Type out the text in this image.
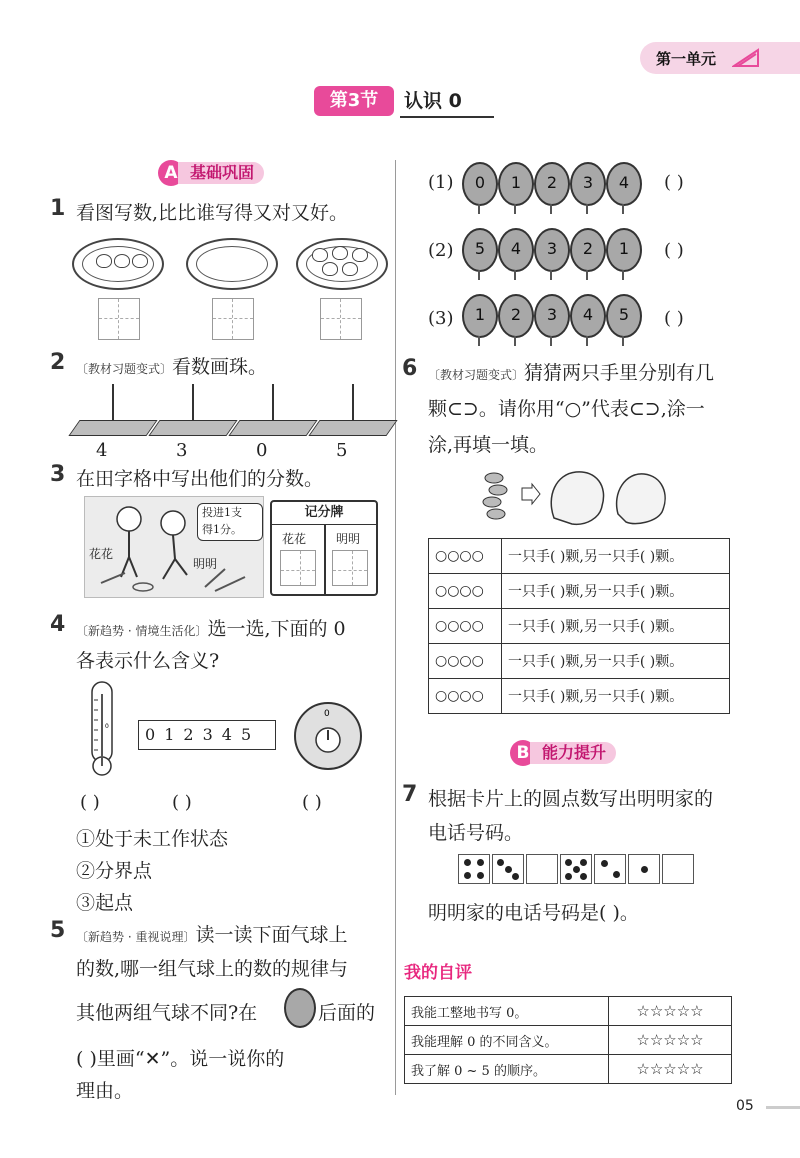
第一单元
第3节	认识 0
A 基础巩固
1 看图写数,比比谁写得又对又好。
2 〔教材习题变式〕看数画珠。
4	3	0	5
3 在田字格中写出他们的分数。
花花
明明
投进1支
得1分。
记分牌
花花 明明
4 〔新趋势 · 情境生活化〕选一选,下面的 0
各表示什么含义?
0 012345
0
( )	( )	( )
①处于未工作状态
②分界点
③起点
5 〔新趋势 · 重视说理〕读一读下面气球上
的数,哪一组气球上的数的规律与
其他两组气球不同?在	后面的
( )里画“✕”。说一说你的
理由。
(1)	0	1	2	3	4	( )
(2)	5	4	3	2	1	( )
(3)	1	2	3	4	5	( )
6 〔教材习题变式〕猜猜两只手里分别有几
颗⊂⊃。请你用“○”代表⊂⊃,涂一
涂,再填一填。
○○○○	一只手( )颗,另一只手( )颗。
○○○○	一只手( )颗,另一只手( )颗。
○○○○	一只手( )颗,另一只手( )颗。
○○○○	一只手( )颗,另一只手( )颗。
○○○○	一只手( )颗,另一只手( )颗。
B 能力提升
7 根据卡片上的圆点数写出明明家的
电话号码。
明明家的电话号码是( )。
我的自评
我能工整地书写 0。	☆☆☆☆☆
我能理解 0 的不同含义。	☆☆☆☆☆
我了解 0 ~ 5 的顺序。	☆☆☆☆☆
05
